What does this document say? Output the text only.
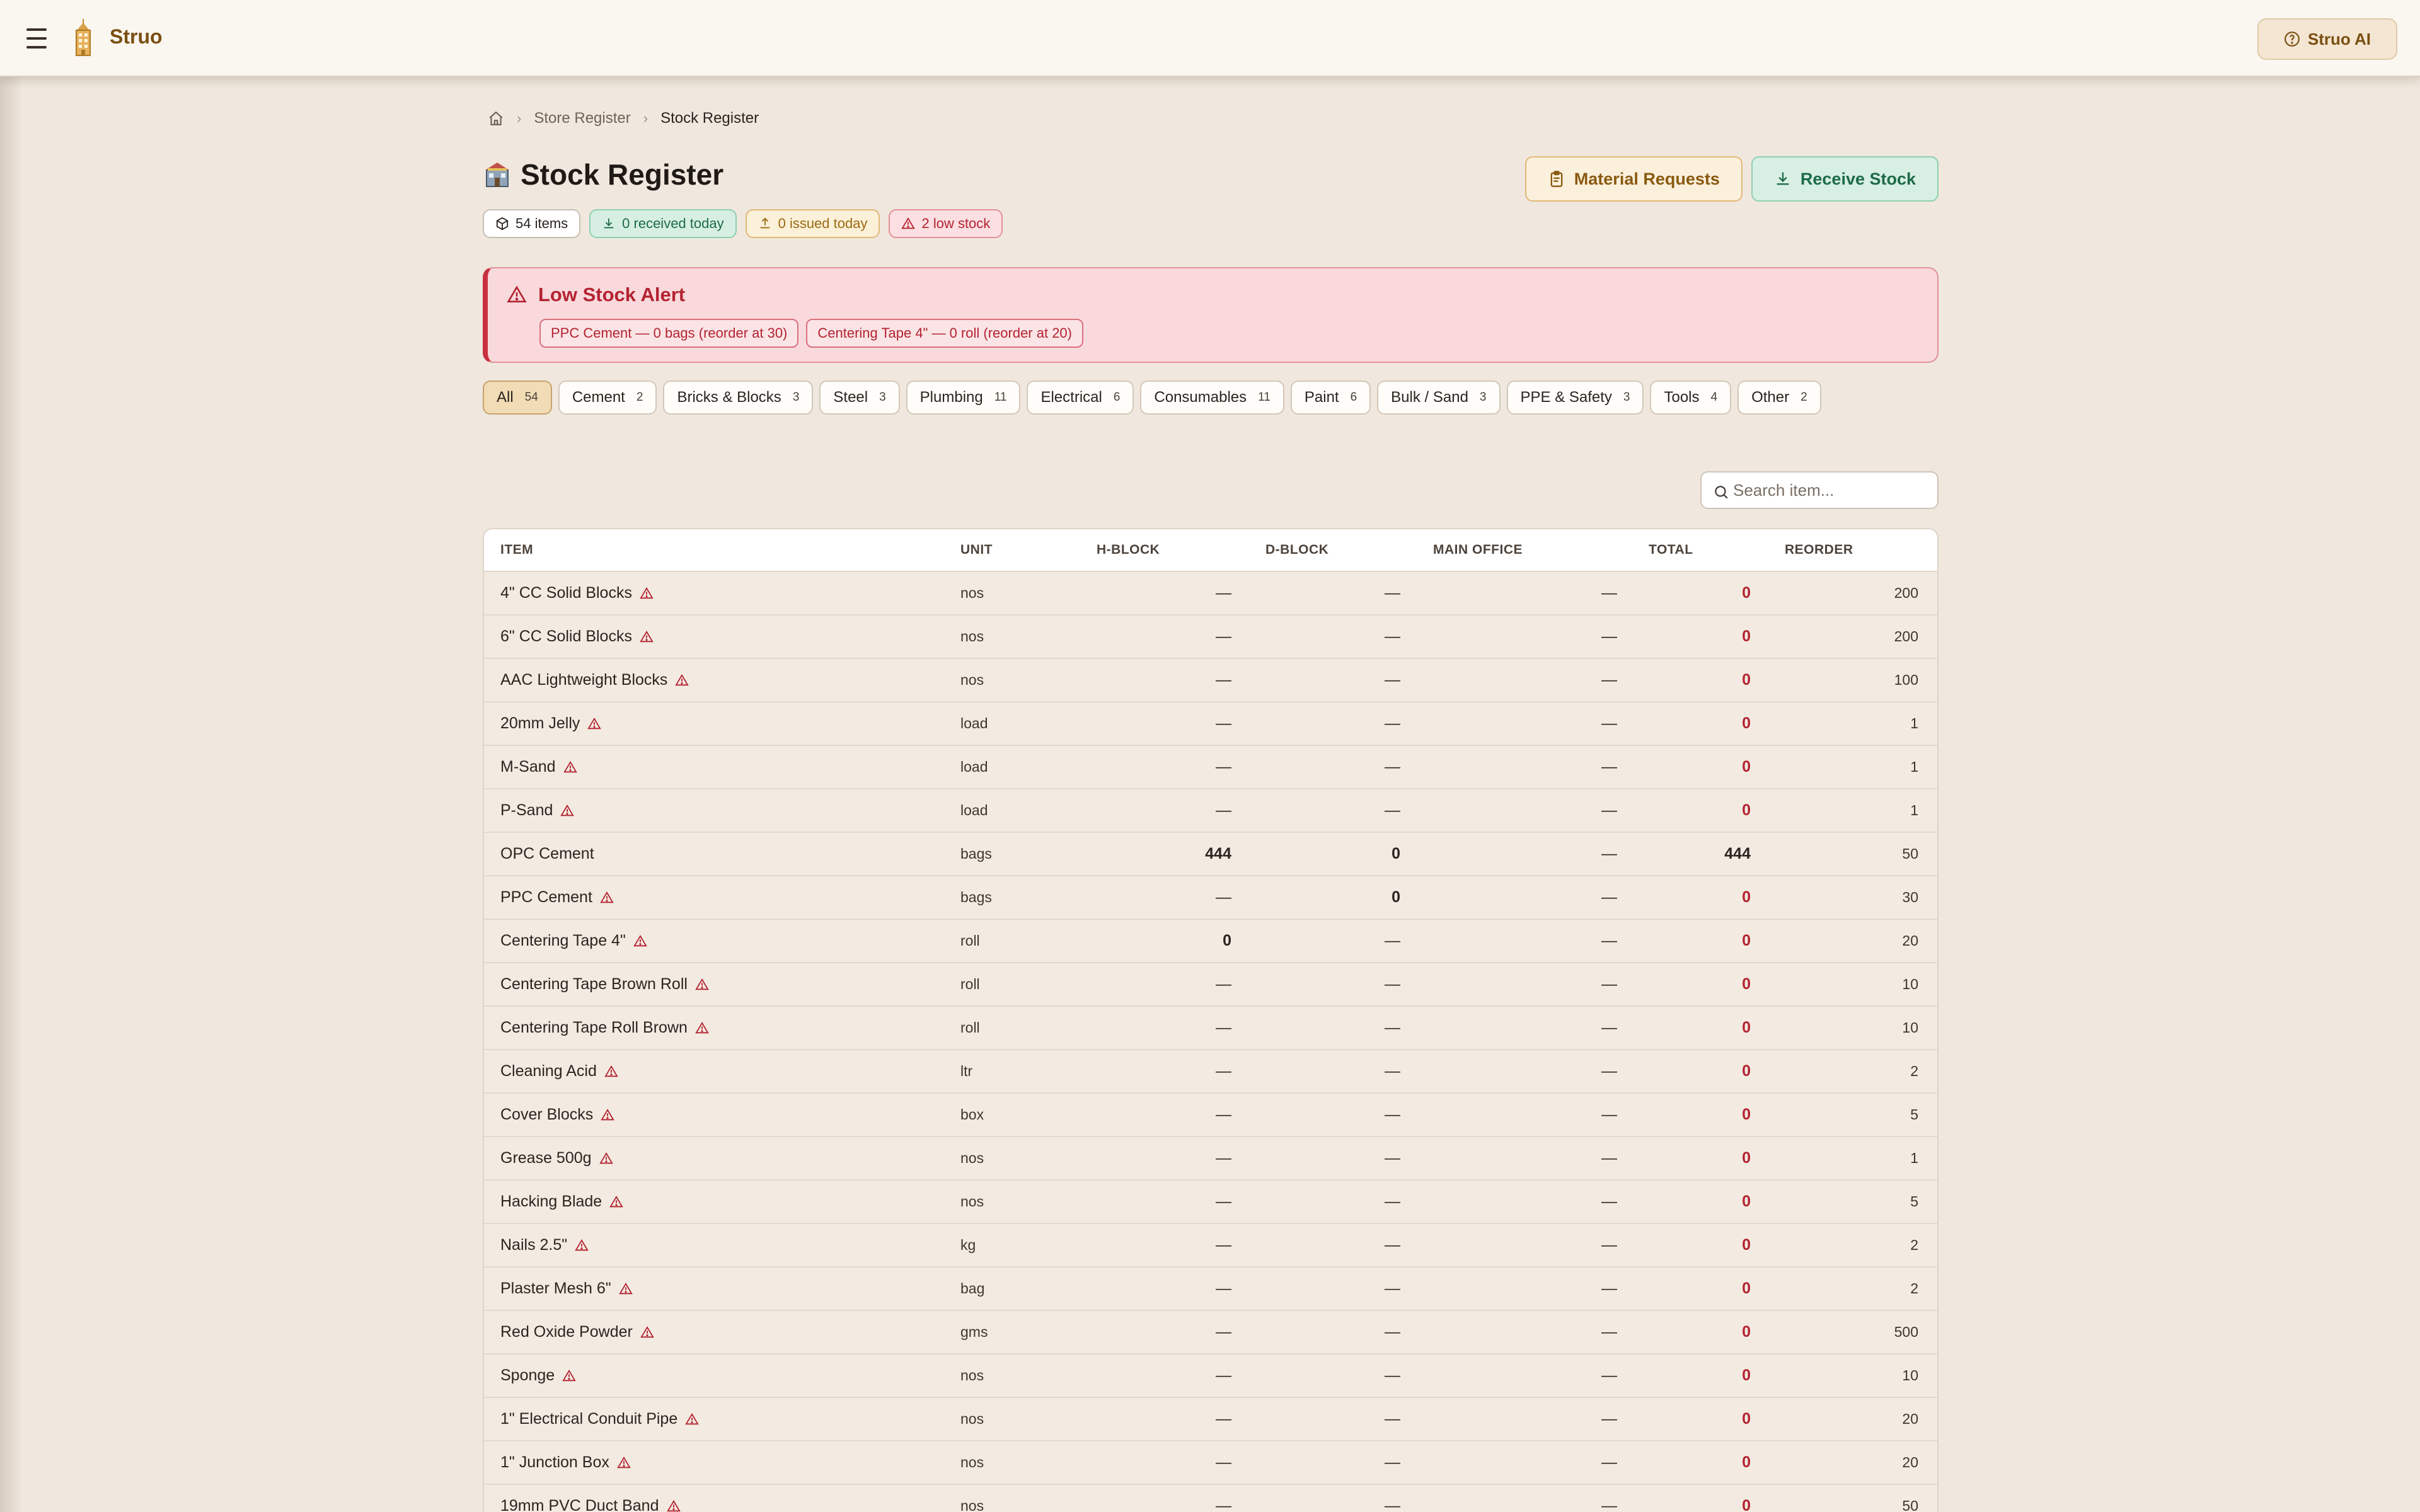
Struo	Struo AI
› Store Register › Stock Register
Stock Register	Material Requests	Receive Stock
54 items	0 received today	0 issued today	2 low stock
Low Stock Alert
PPC Cement — 0 bags (reorder at 30)	Centering Tape 4" — 0 roll (reorder at 20)
All 54 Cement 2 Bricks & Blocks 3 Steel 3 Plumbing 11 Electrical 6 Consumables 11 Paint 6 Bulk / Sand 3 PPE & Safety 3 Tools 4 Other 2
Search item...
ITEM	UNIT	H-BLOCK	D-BLOCK	MAIN OFFICE	TOTAL	REORDER
4" CC Solid Blocks	nos	—	—	—	0	200
6" CC Solid Blocks	nos	—	—	—	0	200
AAC Lightweight Blocks	nos	—	—	—	0	100
20mm Jelly	load	—	—	—	0	1
M-Sand	load	—	—	—	0	1
P-Sand	load	—	—	—	0	1
OPC Cement	bags	444	0	—	444	50
PPC Cement	bags	—	0	—	0	30
Centering Tape 4"	roll	0	—	—	0	20
Centering Tape Brown Roll	roll	—	—	—	0	10
Centering Tape Roll Brown	roll	—	—	—	0	10
Cleaning Acid	ltr	—	—	—	0	2
Cover Blocks	box	—	—	—	0	5
Grease 500g	nos	—	—	—	0	1
Hacking Blade	nos	—	—	—	0	5
Nails 2.5"	kg	—	—	—	0	2
Plaster Mesh 6"	bag	—	—	—	0	2
Red Oxide Powder	gms	—	—	—	0	500
Sponge	nos	—	—	—	0	10
1" Electrical Conduit Pipe	nos	—	—	—	0	20
1" Junction Box	nos	—	—	—	0	20
19mm PVC Duct Band	nos	—	—	—	0	50
